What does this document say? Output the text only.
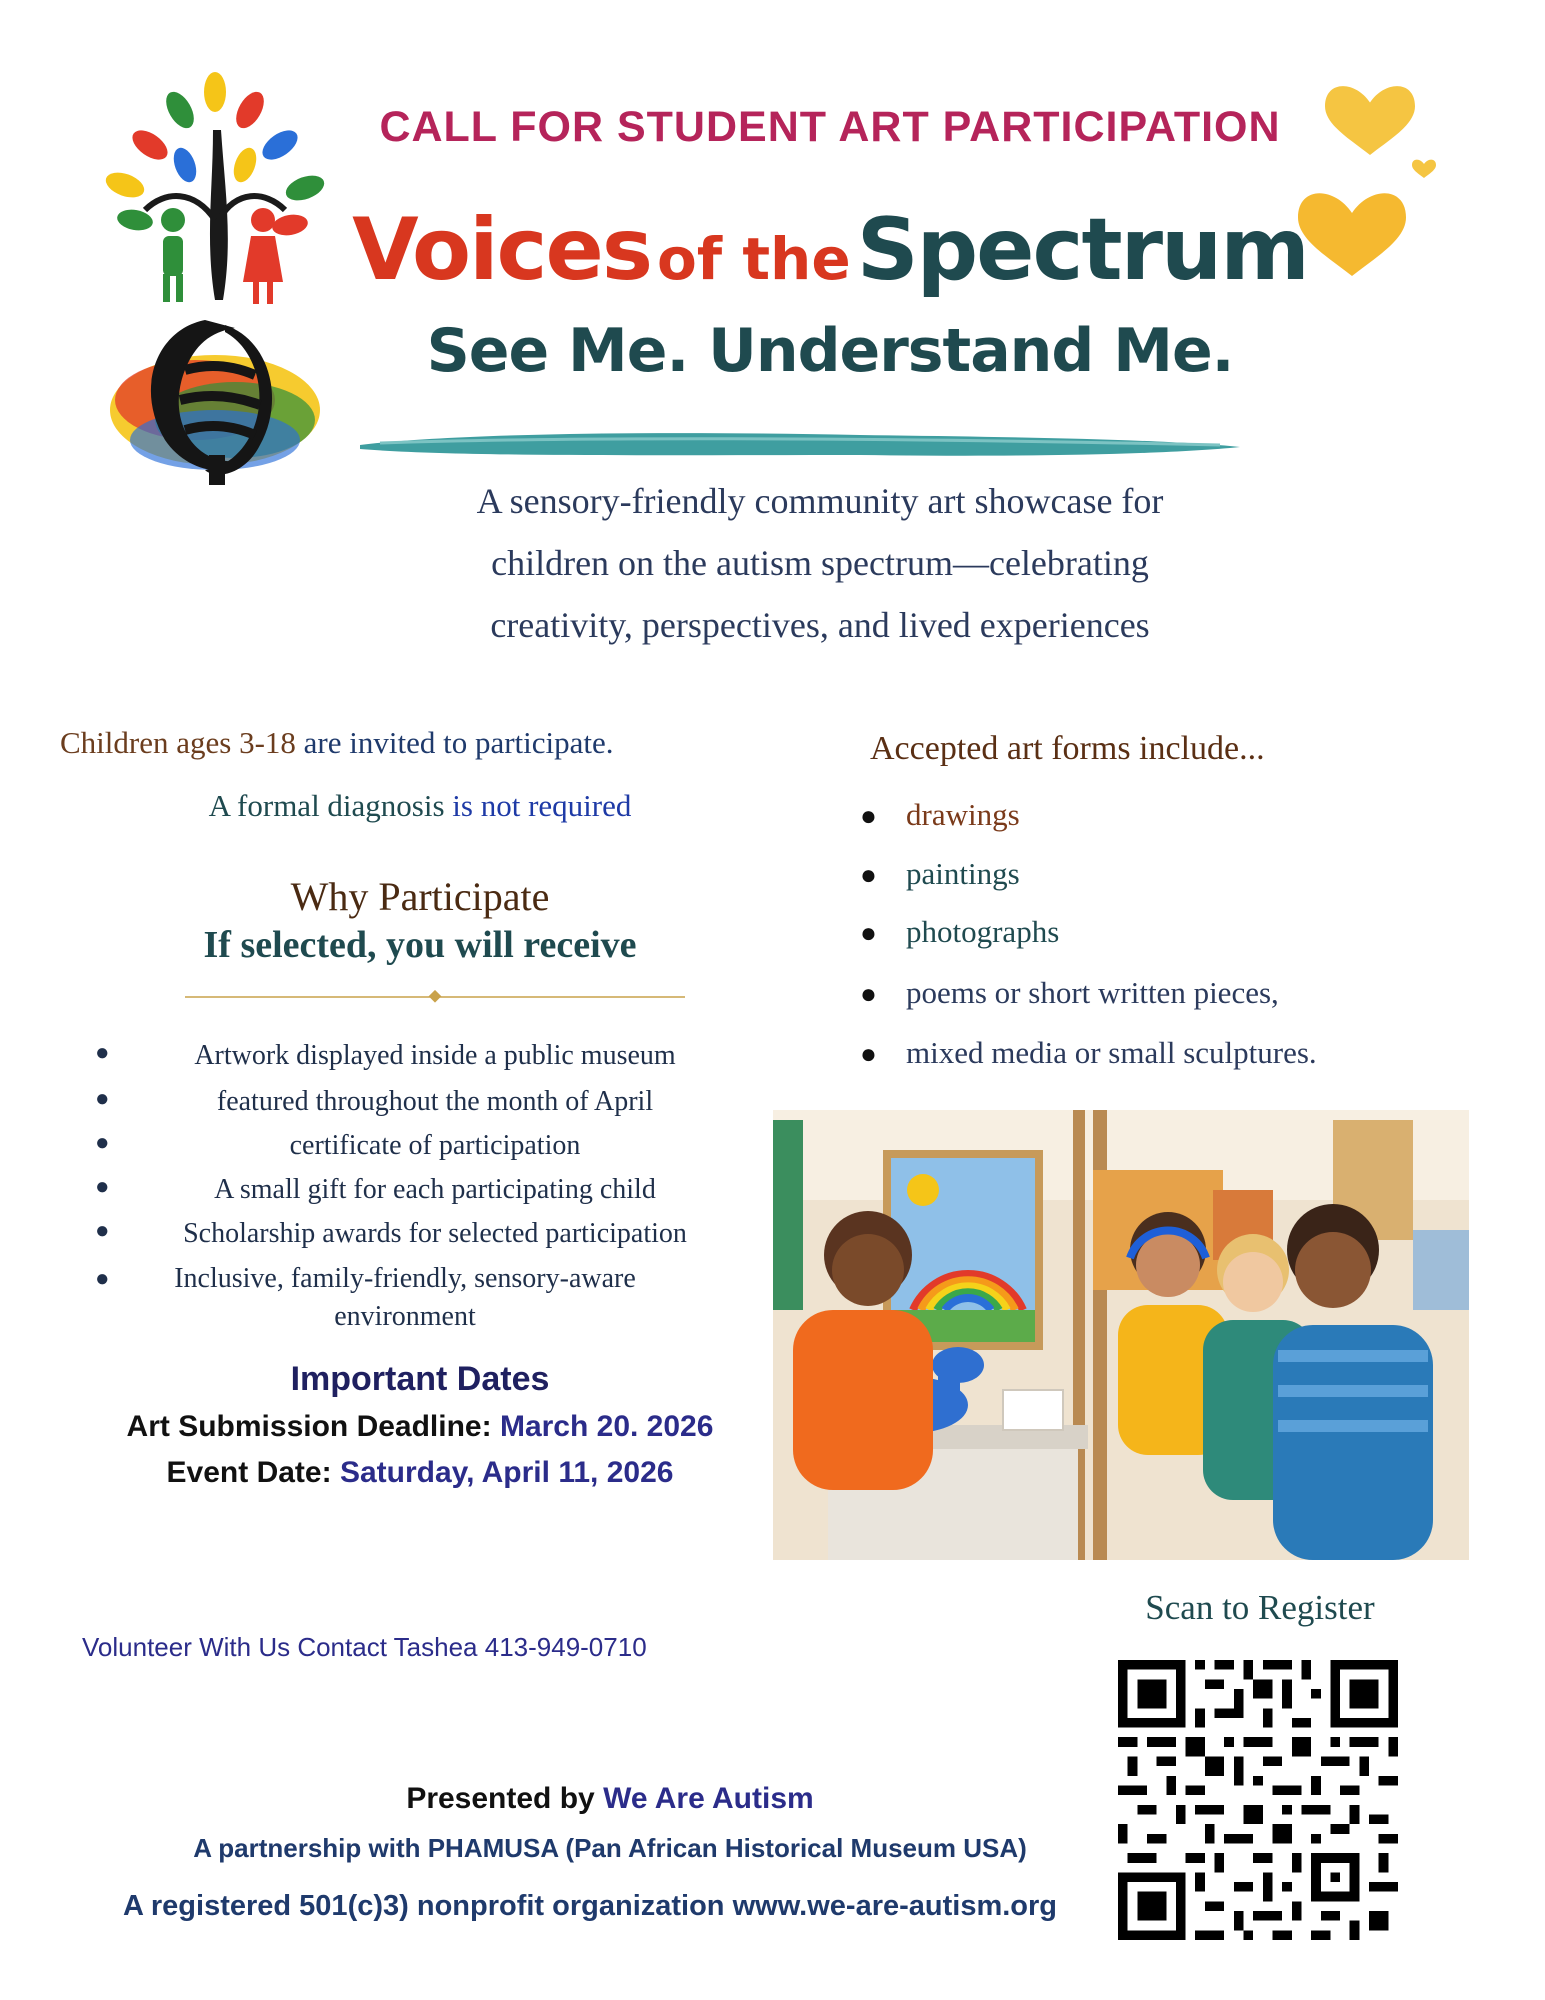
CALL FOR STUDENT ART PARTICIPATION
Voices of theSpectrum
See Me. Understand Me.
A sensory-friendly community art showcase for
children on the autism spectrum—celebrating
creativity, perspectives, and lived experiences
Children ages 3-18 are invited to participate.
A formal diagnosis is not required
Why Participate
If selected, you will receive
●	Artwork displayed inside a public museum
●	featured throughout the month of April
●	certificate of participation
●	A small gift for each participating child
●	Scholarship awards for selected participation
●	Inclusive, family-friendly, sensory-aware environment
Important Dates
Art Submission Deadline: March 20. 2026
Event Date: Saturday, April 11, 2026
Accepted art forms include...
● drawings
● paintings
● photographs
● poems or short written pieces,
● mixed media or small sculptures.
Scan to Register
Volunteer With Us Contact Tashea 413-949-0710
Presented by We Are Autism
A partnership with PHAMUSA (Pan African Historical Museum USA)
A registered 501(c)3) nonprofit organization www.we-are-autism.org
